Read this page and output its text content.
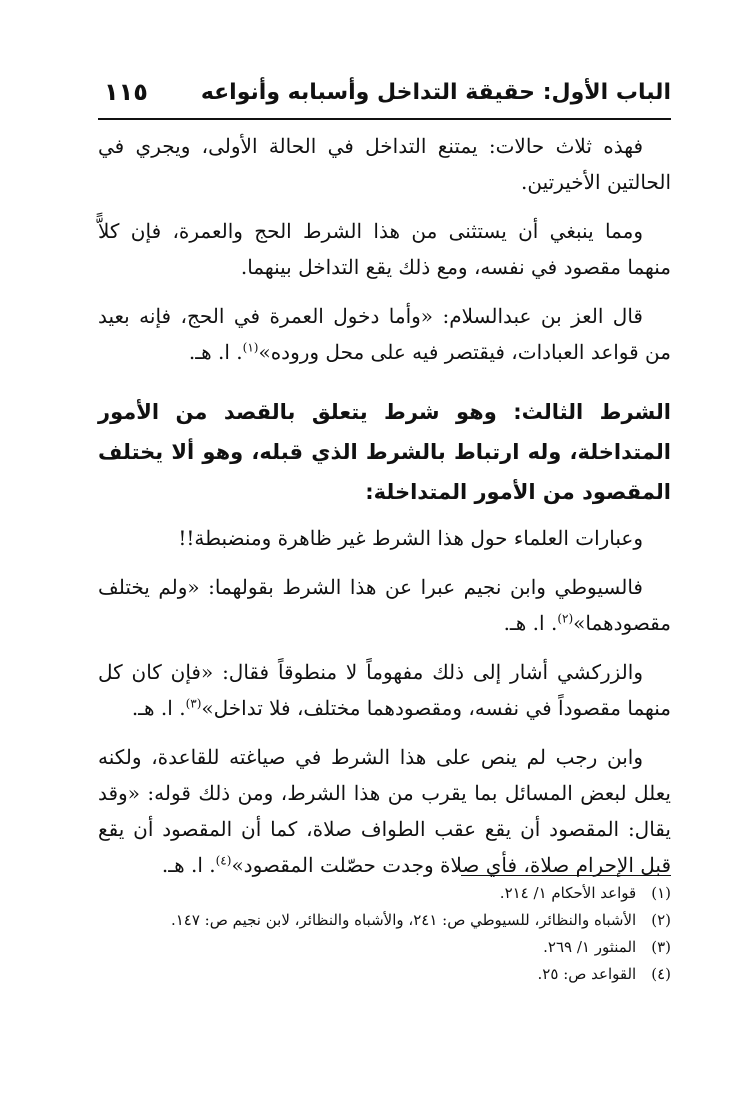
الباب الأول: حقيقة التداخل وأسبابه وأنواعه
١١٥

فهذه ثلاث حالات: يمتنع التداخل في الحالة الأولى، ويجري في الحالتين الأخيرتين.

ومما ينبغي أن يستثنى من هذا الشرط الحج والعمرة، فإن كلاًّ منهما مقصود في نفسه، ومع ذلك يقع التداخل بينهما.

قال العز بن عبدالسلام: «وأما دخول العمرة في الحج، فإنه بعيد من قواعد العبادات، فيقتصر فيه على محل وروده»$^{(١)}$. ا. هـ.

الشرط الثالث: وهو شرط يتعلق بالقصد من الأمور المتداخلة، وله ارتباط بالشرط الذي قبله، وهو ألا يختلف المقصود من الأمور المتداخلة:

وعبارات العلماء حول هذا الشرط غير ظاهرة ومنضبطة!!

فالسيوطي وابن نجيم عبرا عن هذا الشرط بقولهما: «ولم يختلف مقصودهما»$^{(٢)}$. ا. هـ.

والزركشي أشار إلى ذلك مفهوماً لا منطوقاً فقال: «فإن كان كل منهما مقصوداً في نفسه، ومقصودهما مختلف، فلا تداخل»$^{(٣)}$. ا. هـ.

وابن رجب لم ينص على هذا الشرط في صياغته للقاعدة، ولكنه يعلل لبعض المسائل بما يقرب من هذا الشرط، ومن ذلك قوله: «وقد يقال: المقصود أن يقع عقب الطواف صلاة، كما أن المقصود أن يقع قبل الإحرام صلاة، فأي صلاة وجدت حصّلت المقصود»$^{(٤)}$. ا. هـ.

(١) قواعد الأحكام ١/ ٢١٤.

(٢) الأشباه والنظائر، للسيوطي ص: ٢٤١، والأشباه والنظائر، لابن نجيم ص: ١٤٧.

(٣) المنثور ١/ ٢٦٩.

(٤) القواعد ص: ٢٥.
